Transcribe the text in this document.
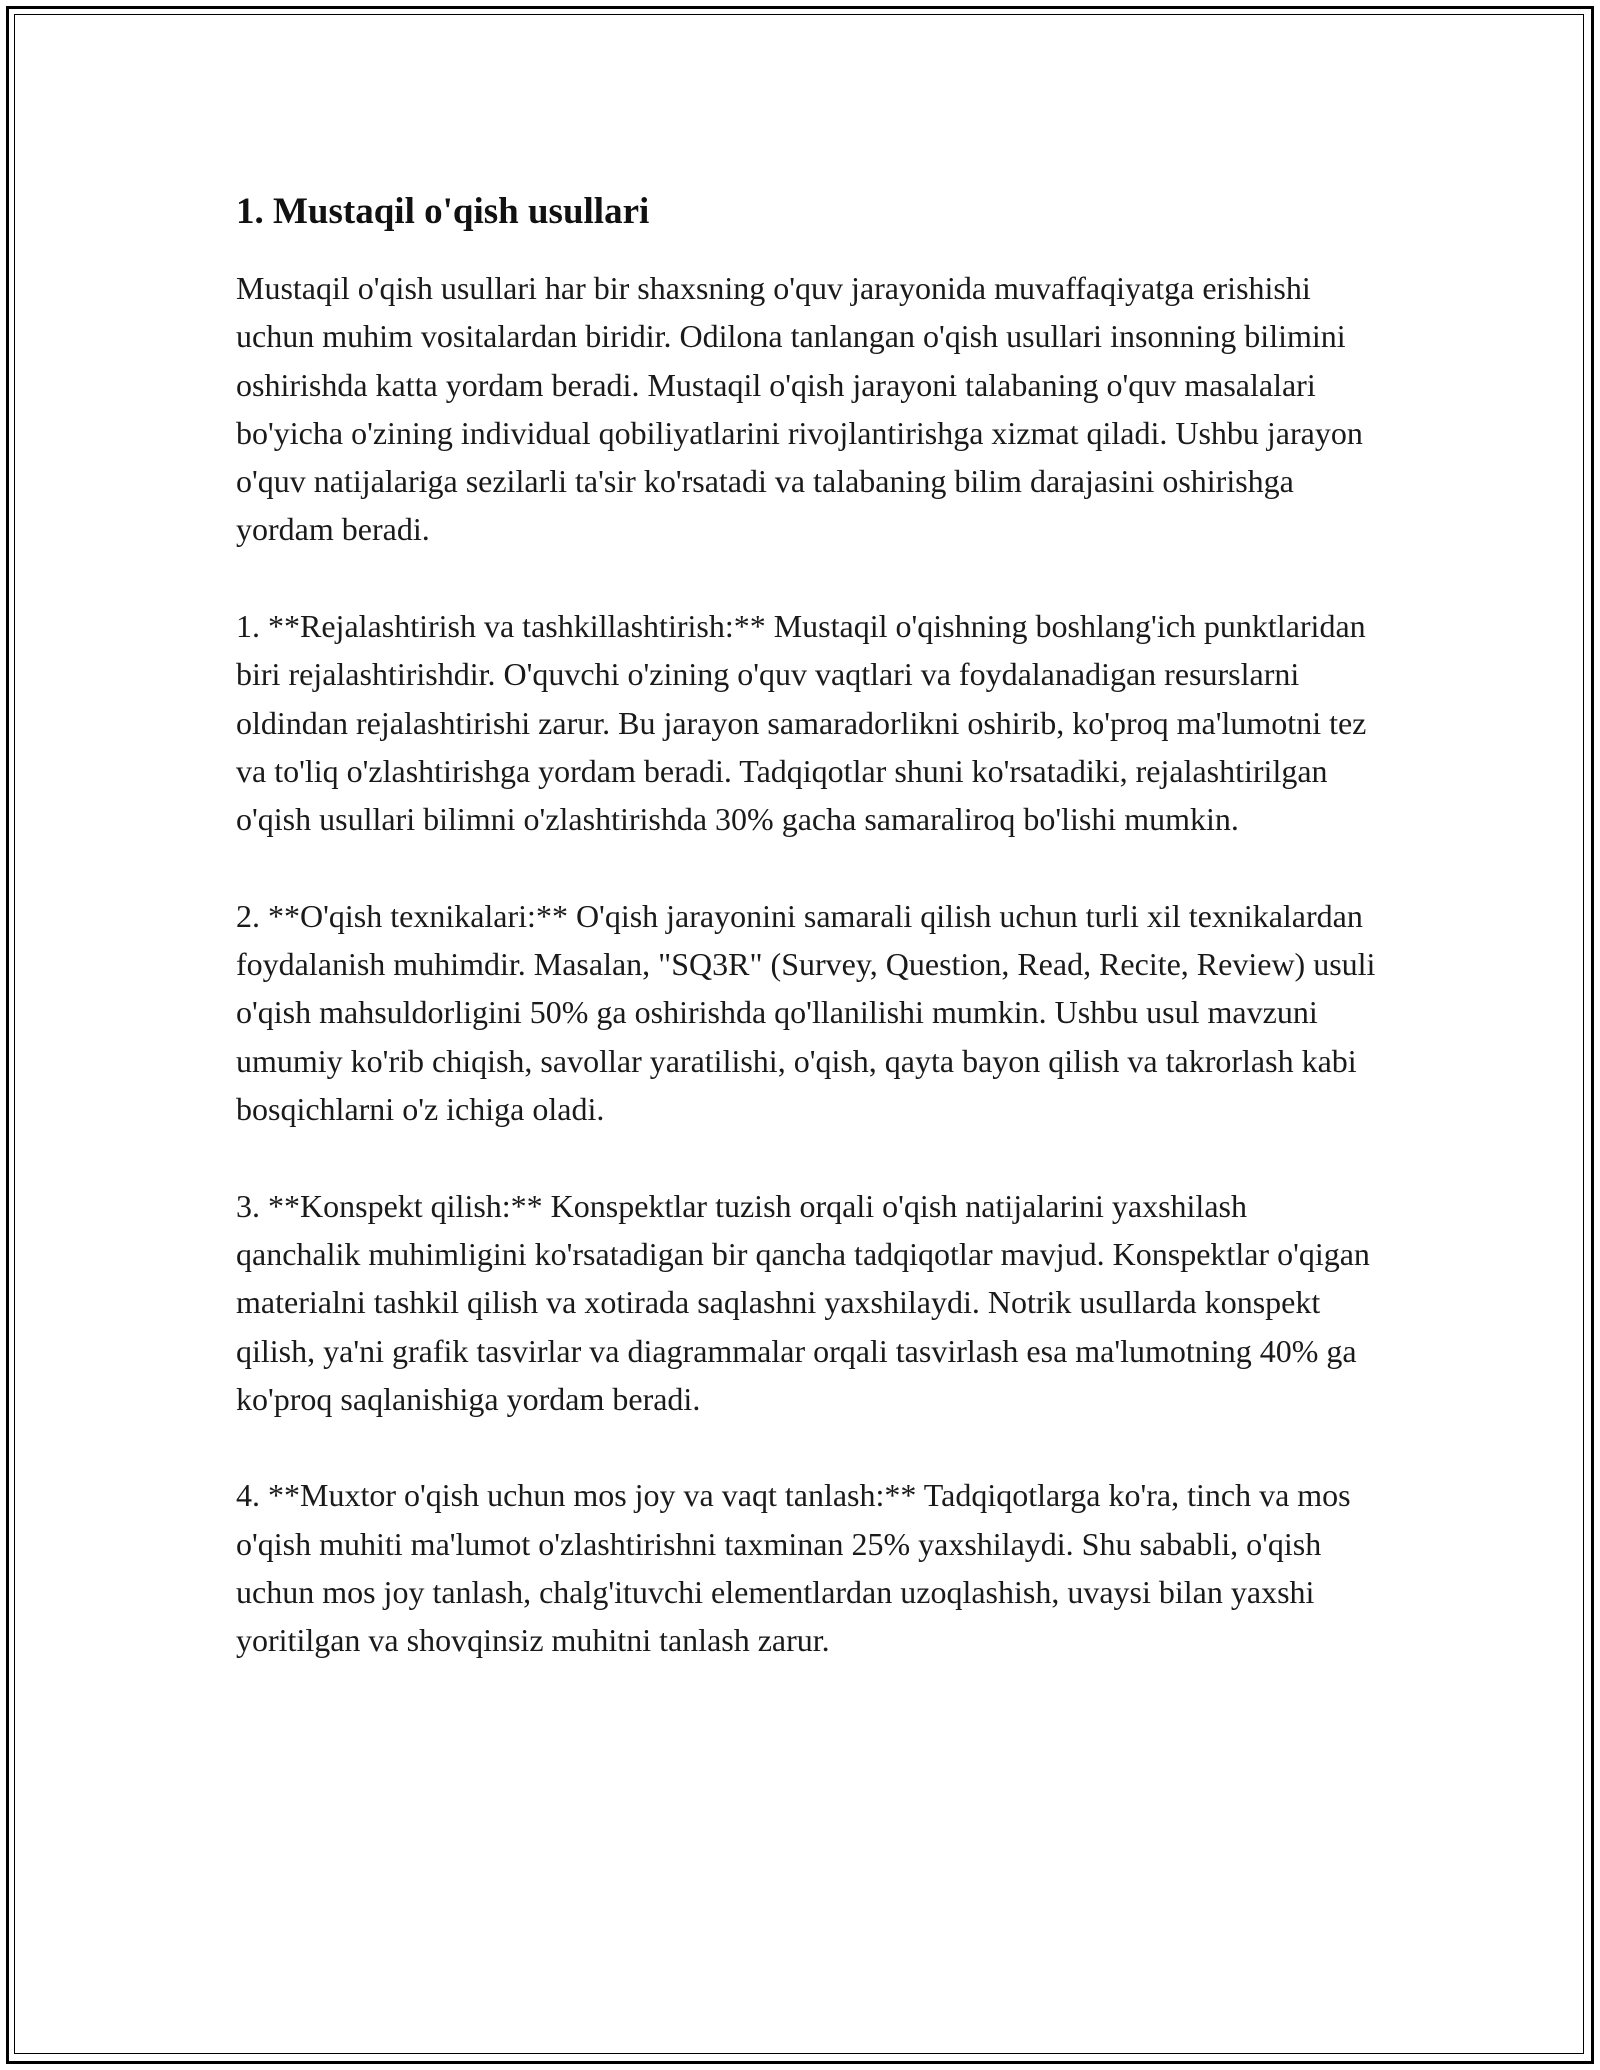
1. Mustaqil o'qish usullari

Mustaqil o'qish usullari har bir shaxsning o'quv jarayonida muvaffaqiyatga erishishi uchun muhim vositalardan biridir. Odilona tanlangan o'qish usullari insonning bilimini oshirishda katta yordam beradi. Mustaqil o'qish jarayoni talabaning o'quv masalalari bo'yicha o'zining individual qobiliyatlarini rivojlantirishga xizmat qiladi. Ushbu jarayon o'quv natijalariga sezilarli ta'sir ko'rsatadi va talabaning bilim darajasini oshirishga yordam beradi.

1. **Rejalashtirish va tashkillashtirish:** Mustaqil o'qishning boshlang'ich punktlaridan biri rejalashtirishdir. O'quvchi o'zining o'quv vaqtlari va foydalanadigan resurslarni oldindan rejalashtirishi zarur. Bu jarayon samaradorlikni oshirib, ko'proq ma'lumotni tez va to'liq o'zlashtirishga yordam beradi. Tadqiqotlar shuni ko'rsatadiki, rejalashtirilgan o'qish usullari bilimni o'zlashtirishda 30% gacha samaraliroq bo'lishi mumkin.

2. **O'qish texnikalari:** O'qish jarayonini samarali qilish uchun turli xil texnikalardan foydalanish muhimdir. Masalan, "SQ3R" (Survey, Question, Read, Recite, Review) usuli o'qish mahsuldorligini 50% ga oshirishda qo'llanilishi mumkin. Ushbu usul mavzuni umumiy ko'rib chiqish, savollar yaratilishi, o'qish, qayta bayon qilish va takrorlash kabi bosqichlarni o'z ichiga oladi.

3. **Konspekt qilish:** Konspektlar tuzish orqali o'qish natijalarini yaxshilash qanchalik muhimligini ko'rsatadigan bir qancha tadqiqotlar mavjud. Konspektlar o'qigan materialni tashkil qilish va xotirada saqlashni yaxshilaydi. Notrik usullarda konspekt qilish, ya'ni grafik tasvirlar va diagrammalar orqali tasvirlash esa ma'lumotning 40% ga ko'proq saqlanishiga yordam beradi.

4. **Muxtor o'qish uchun mos joy va vaqt tanlash:** Tadqiqotlarga ko'ra, tinch va mos o'qish muhiti ma'lumot o'zlashtirishni taxminan 25% yaxshilaydi. Shu sababli, o'qish uchun mos joy tanlash, chalg'ituvchi elementlardan uzoqlashish, uvaysi bilan yaxshi yoritilgan va shovqinsiz muhitni tanlash zarur.
